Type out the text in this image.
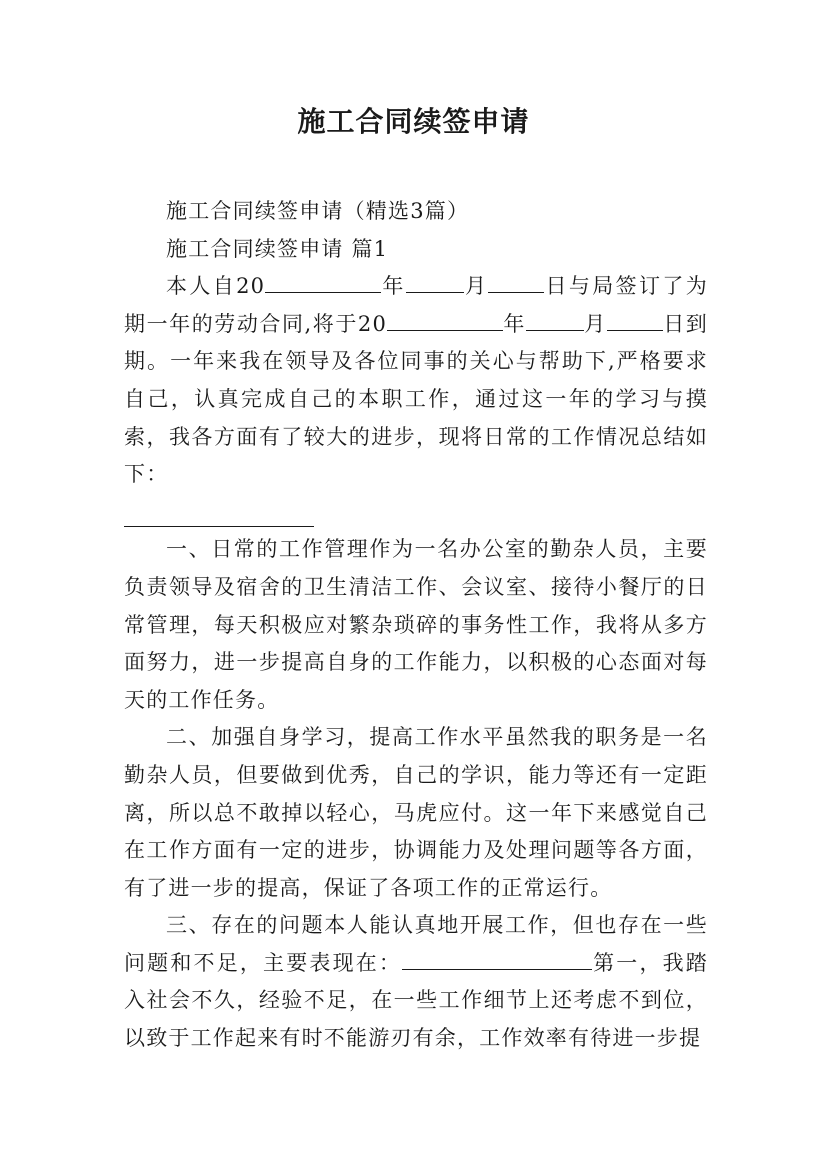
施工合同续签申请

施工合同续签申请（精选3篇）

施工合同续签申请 篇1

本人自20	年	月	日与局签订了为期一年的劳动合同,将于20	年	月	日到期。一年来我在领导及各位同事的关心与帮助下,严格要求自己，认真完成自己的本职工作，通过这一年的学习与摸索，我各方面有了较大的进步，现将日常的工作情况总结如下：

一、日常的工作管理作为一名办公室的勤杂人员，主要负责领导及宿舍的卫生清洁工作、会议室、接待小餐厅的日常管理，每天积极应对繁杂琐碎的事务性工作，我将从多方面努力，进一步提高自身的工作能力，以积极的心态面对每天的工作任务。

二、加强自身学习，提高工作水平虽然我的职务是一名勤杂人员，但要做到优秀，自己的学识，能力等还有一定距离，所以总不敢掉以轻心，马虎应付。这一年下来感觉自己在工作方面有一定的进步，协调能力及处理问题等各方面，有了进一步的提高，保证了各项工作的正常运行。

三、存在的问题本人能认真地开展工作，但也存在一些问题和不足，主要表现在：	第一，我踏入社会不久，经验不足，在一些工作细节上还考虑不到位，以致于工作起来有时不能游刃有余，工作效率有待进一步提
